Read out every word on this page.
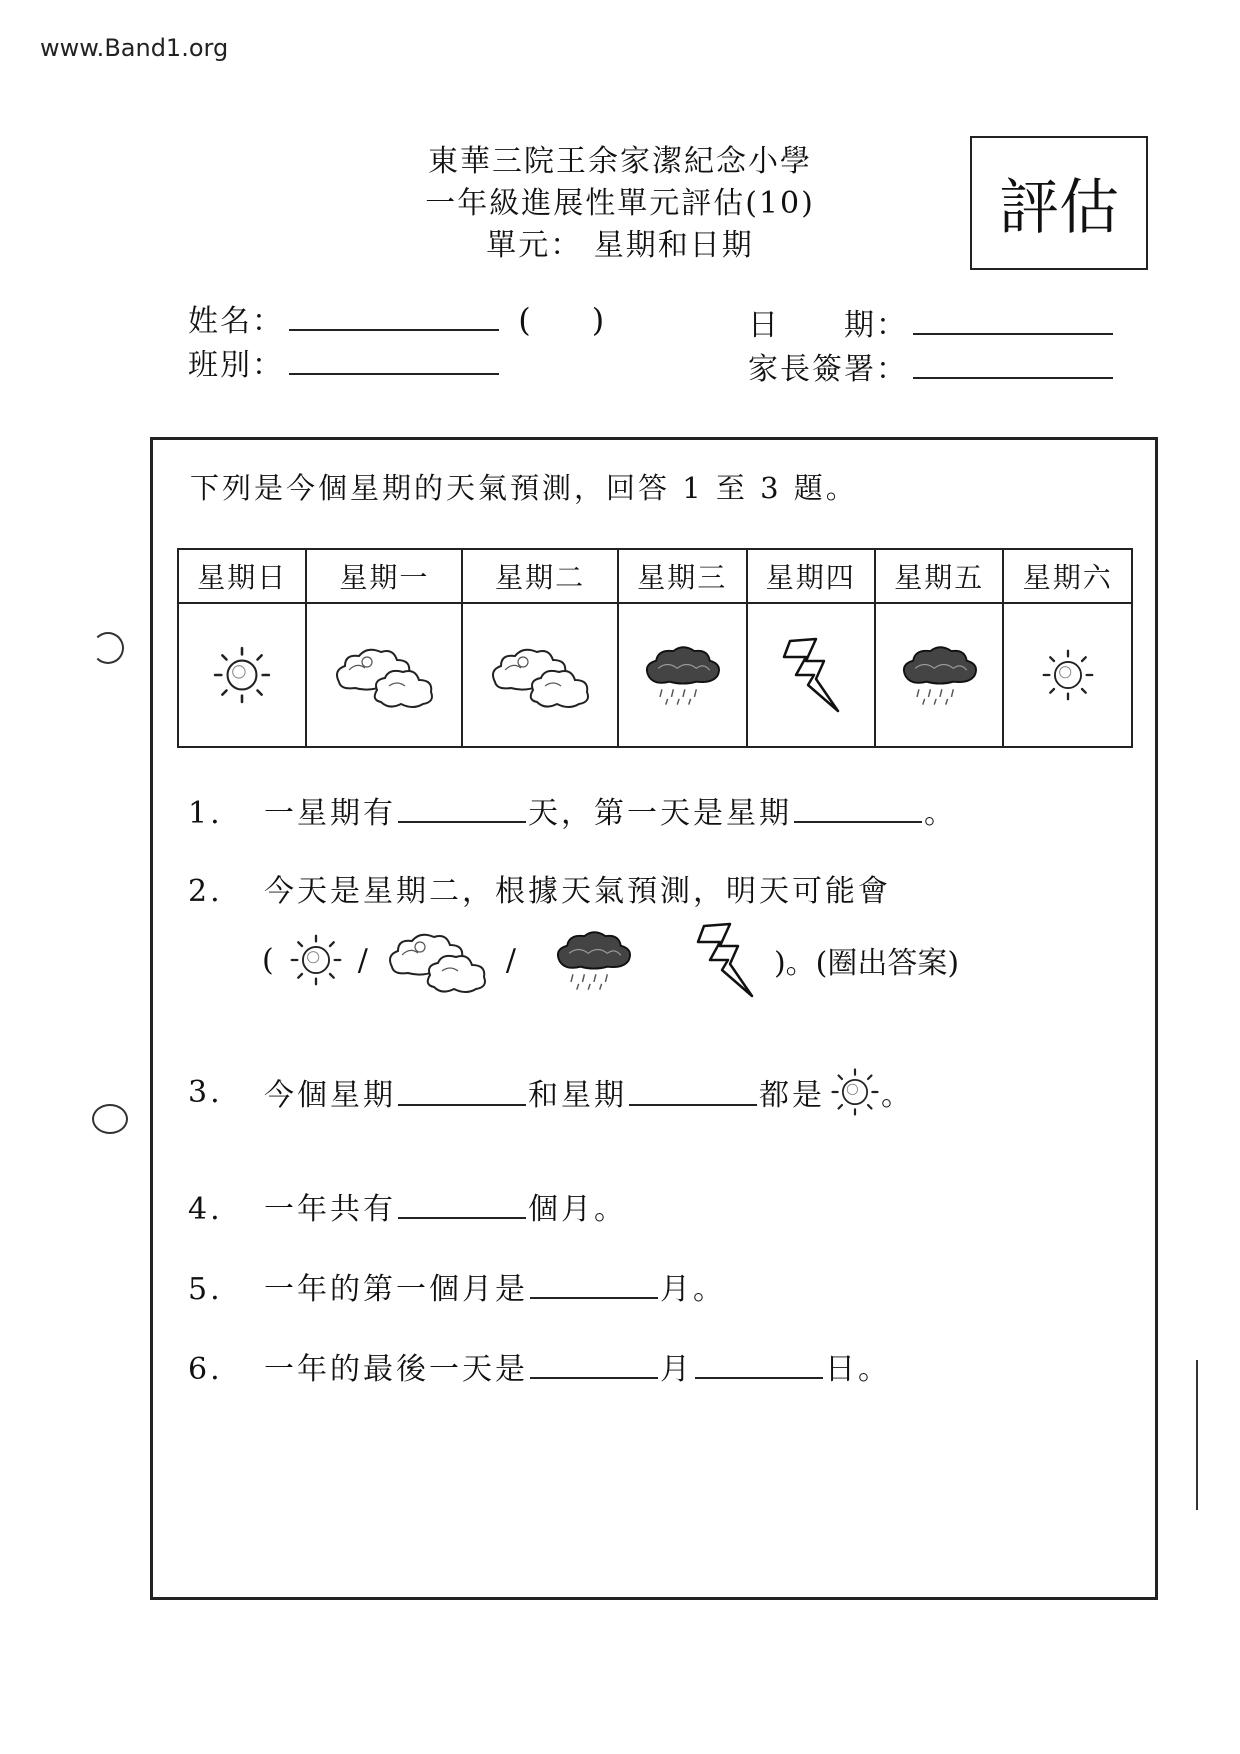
www.Band1.org
東華三院王余家潔紀念小學
一年級進展性單元評估(10)
單元： 星期和日期
評估
姓名：	(      )
班別：
日　　期：
家長簽署：
下列是今個星期的天氣預測，回答 1 至 3 題。
星期日	星期一	星期二	星期三	星期四	星期五	星期六

1. 一星期有	天，第一天是星期	。
2. 今天是星期二，根據天氣預測，明天可能會
(	/	/	)。(圈出答案)
3.	今個星期	和星期	都是 。
4. 一年共有	個月。
5. 一年的第一個月是	月。
6. 一年的最後一天是	月	日。
